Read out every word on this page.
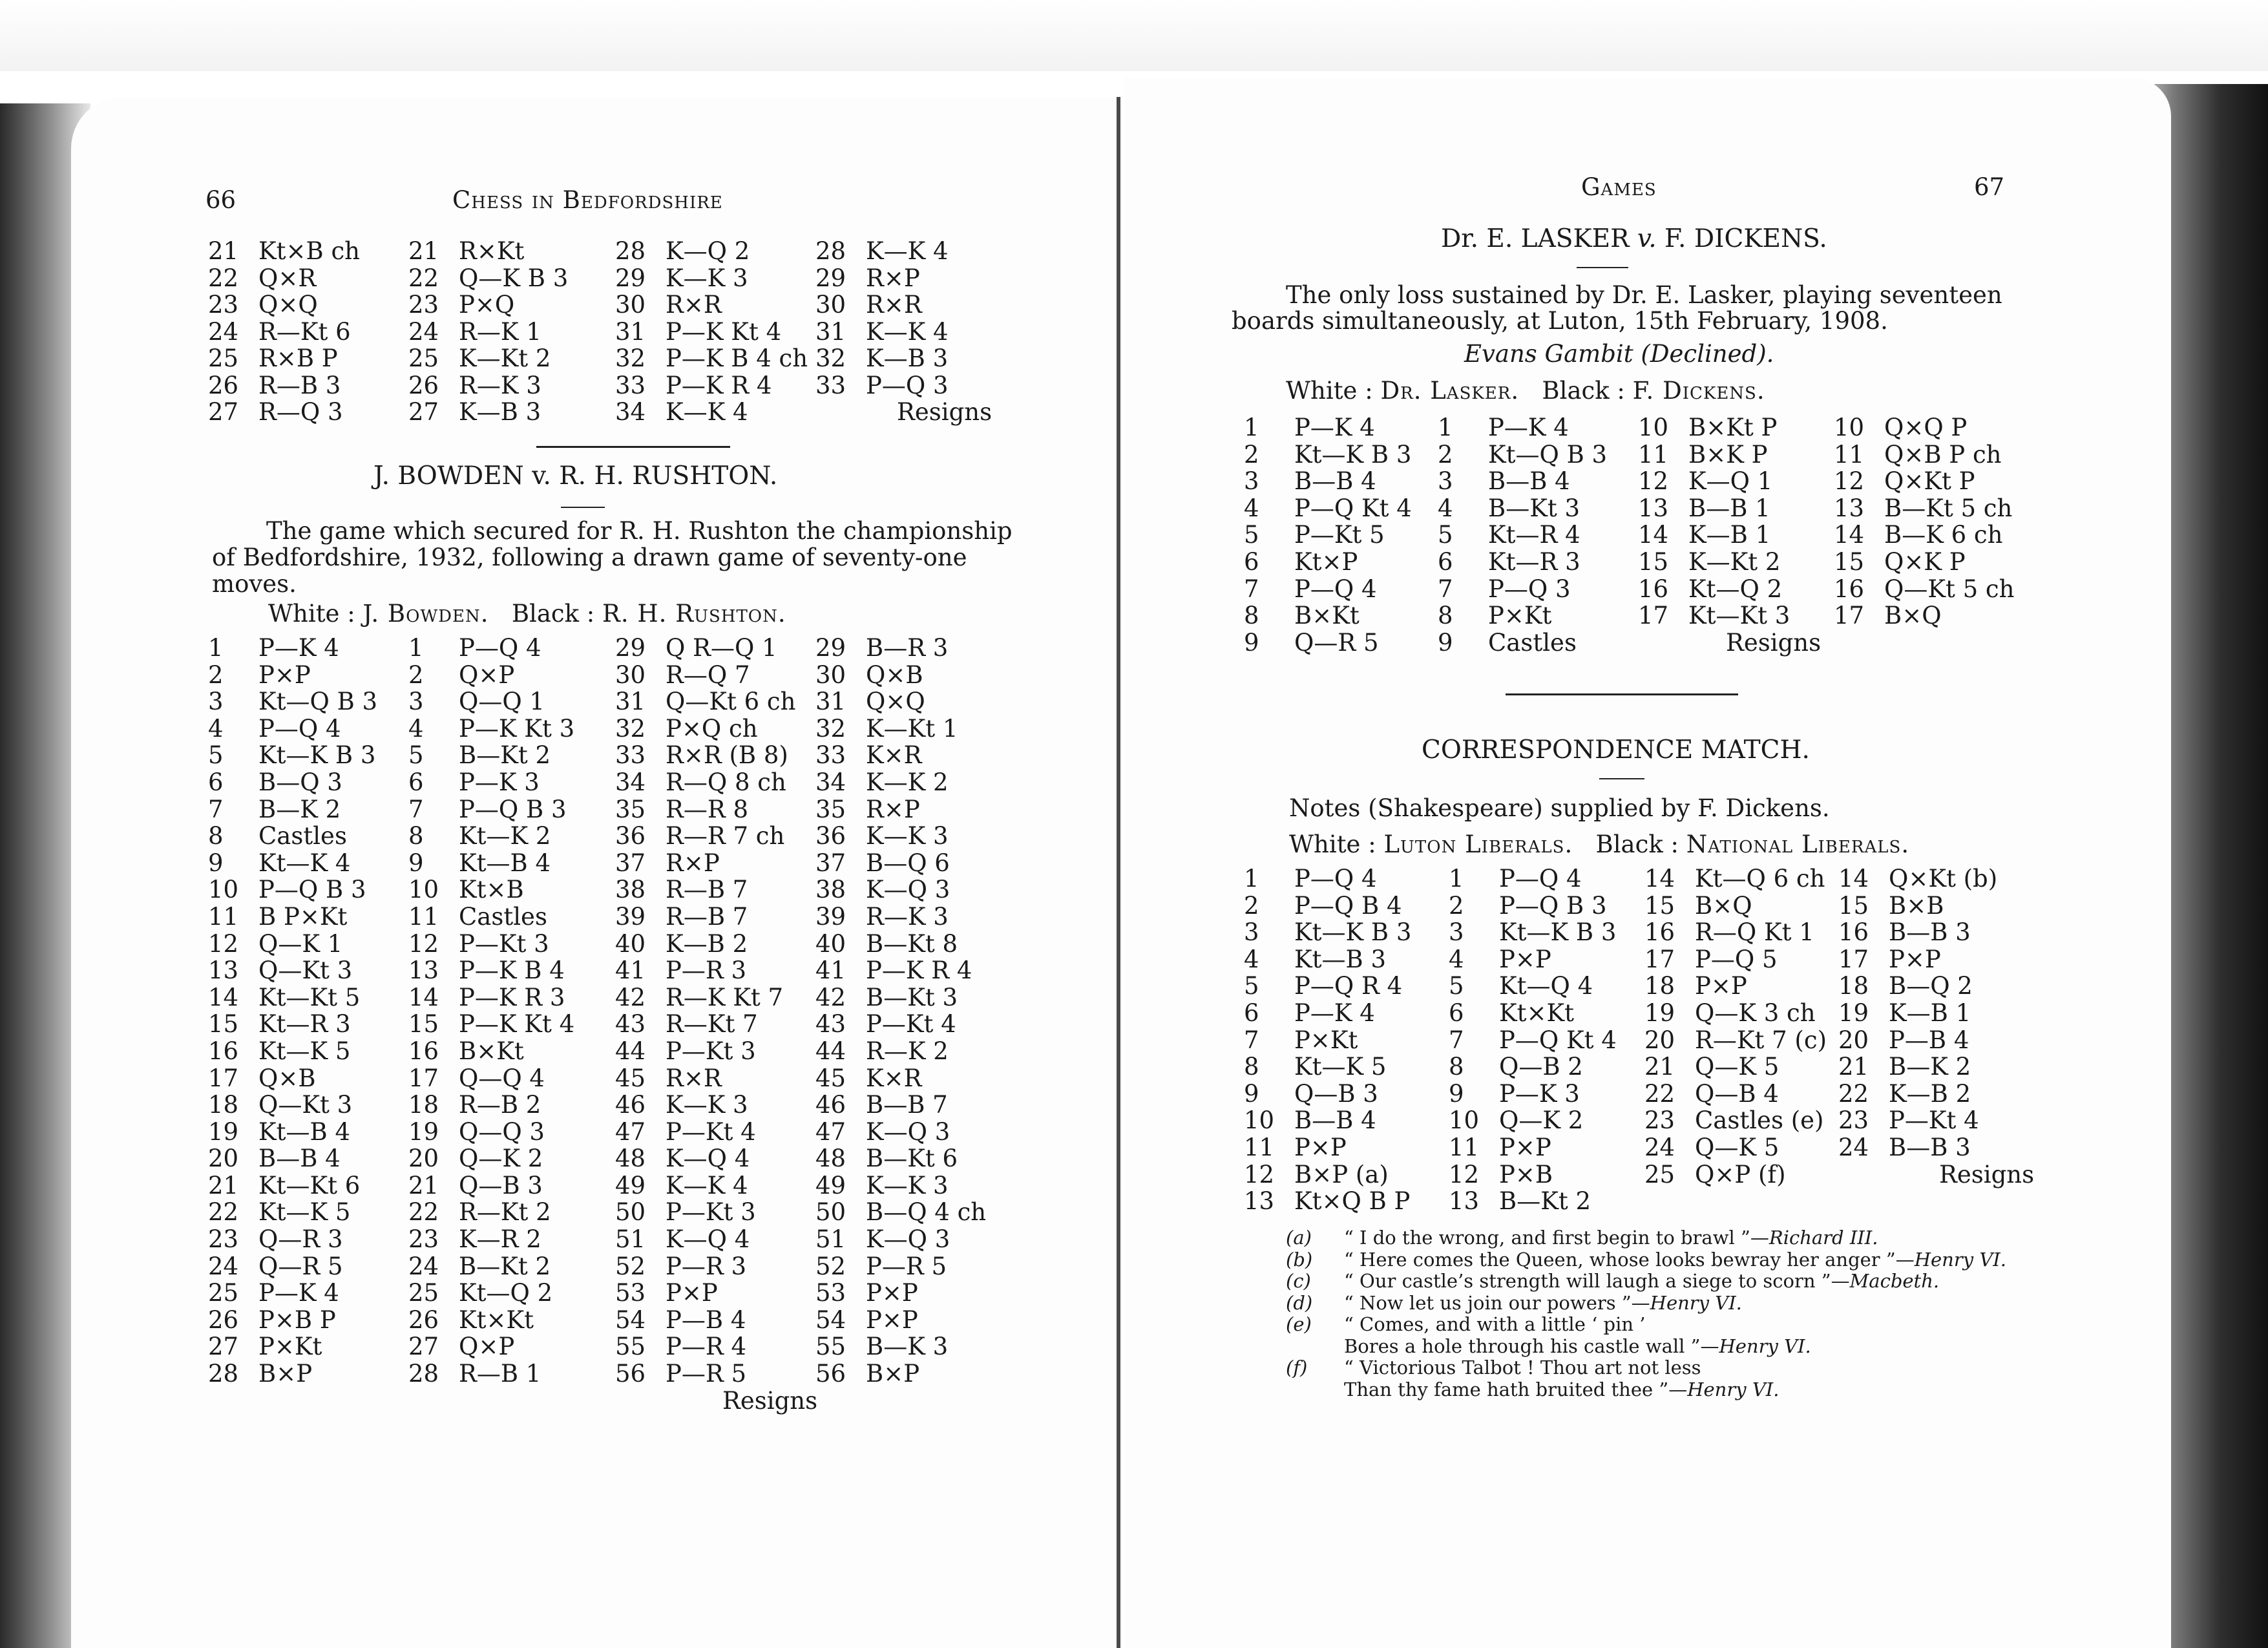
66	Chess in Bedfordshire
21 Kt×B ch
22 Q×R
23 Q×Q
24 R—Kt 6
25 R×B P
26 R—B 3
27 R—Q 3
21 R×Kt
22 Q—K B 3
23 P×Q
24 R—K 1
25 K—Kt 2
26 R—K 3
27 K—B 3
28 K—Q 2
29 K—K 3
30 R×R
31 P—K Kt 4
32 P—K B 4 ch
33 P—K R 4
34 K—K 4
28 K—K 4
29 R×P
30 R×R
31 K—K 4
32 K—B 3
33 P—Q 3
Resigns
J. BOWDEN v. R. H. RUSHTON.
The game which secured for R. H. Rushton the championship
of Bedfordshire, 1932, following a drawn game of seventy-one
moves.
White : J. Bowden. Black : R. H. Rushton.
1 P—K 4
2 P×P
3 Kt—Q B 3
4 P—Q 4
5 Kt—K B 3
6 B—Q 3
7 B—K 2
8 Castles
9 Kt—K 4
10 P—Q B 3
11 B P×Kt
12 Q—K 1
13 Q—Kt 3
14 Kt—Kt 5
15 Kt—R 3
16 Kt—K 5
17 Q×B
18 Q—Kt 3
19 Kt—B 4
20 B—B 4
21 Kt—Kt 6
22 Kt—K 5
23 Q—R 3
24 Q—R 5
25 P—K 4
26 P×B P
27 P×Kt
28 B×P
1 P—Q 4
2 Q×P
3 Q—Q 1
4 P—K Kt 3
5 B—Kt 2
6 P—K 3
7 P—Q B 3
8 Kt—K 2
9 Kt—B 4
10 Kt×B
11 Castles
12 P—Kt 3
13 P—K B 4
14 P—K R 3
15 P—K Kt 4
16 B×Kt
17 Q—Q 4
18 R—B 2
19 Q—Q 3
20 Q—K 2
21 Q—B 3
22 R—Kt 2
23 K—R 2
24 B—Kt 2
25 Kt—Q 2
26 Kt×Kt
27 Q×P
28 R—B 1
29 Q R—Q 1
30 R—Q 7
31 Q—Kt 6 ch
32 P×Q ch
33 R×R (B 8)
34 R—Q 8 ch
35 R—R 8
36 R—R 7 ch
37 R×P
38 R—B 7
39 R—B 7
40 K—B 2
41 P—R 3
42 R—K Kt 7
43 R—Kt 7
44 P—Kt 3
45 R×R
46 K—K 3
47 P—Kt 4
48 K—Q 4
49 K—K 4
50 P—Kt 3
51 K—Q 4
52 P—R 3
53 P×P
54 P—B 4
55 P—R 4
56 P—R 5
Resigns
29 B—R 3
30 Q×B
31 Q×Q
32 K—Kt 1
33 K×R
34 K—K 2
35 R×P
36 K—K 3
37 B—Q 6
38 K—Q 3
39 R—K 3
40 B—Kt 8
41 P—K R 4
42 B—Kt 3
43 P—Kt 4
44 R—K 2
45 K×R
46 B—B 7
47 K—Q 3
48 B—Kt 6
49 K—K 3
50 B—Q 4 ch
51 K—Q 3
52 P—R 5
53 P×P
54 P×P
55 B—K 3
56 B×P
Games	67
Dr. E. LASKER v. F. DICKENS.
The only loss sustained by Dr. E. Lasker, playing seventeen
boards simultaneously, at Luton, 15th February, 1908.
Evans Gambit (Declined).
White : Dr. Lasker. Black : F. Dickens.
1 P—K 4
2 Kt—K B 3
3 B—B 4
4 P—Q Kt 4
5 P—Kt 5
6 Kt×P
7 P—Q 4
8 B×Kt
9 Q—R 5
1 P—K 4
2 Kt—Q B 3
3 B—B 4
4 B—Kt 3
5 Kt—R 4
6 Kt—R 3
7 P—Q 3
8 P×Kt
9 Castles
10 B×Kt P
11 B×K P
12 K—Q 1
13 B—B 1
14 K—B 1
15 K—Kt 2
16 Kt—Q 2
17 Kt—Kt 3
Resigns
10 Q×Q P
11 Q×B P ch
12 Q×Kt P
13 B—Kt 5 ch
14 B—K 6 ch
15 Q×K P
16 Q—Kt 5 ch
17 B×Q
CORRESPONDENCE MATCH.
Notes (Shakespeare) supplied by F. Dickens.
White : Luton Liberals. Black : National Liberals.
1 P—Q 4
2 P—Q B 4
3 Kt—K B 3
4 Kt—B 3
5 P—Q R 4
6 P—K 4
7 P×Kt
8 Kt—K 5
9 Q—B 3
10 B—B 4
11 P×P
12 B×P (a)
13 Kt×Q B P
1 P—Q 4
2 P—Q B 3
3 Kt—K B 3
4 P×P
5 Kt—Q 4
6 Kt×Kt
7 P—Q Kt 4
8 Q—B 2
9 P—K 3
10 Q—K 2
11 P×P
12 P×B
13 B—Kt 2
14 Kt—Q 6 ch
15 B×Q
16 R—Q Kt 1
17 P—Q 5
18 P×P
19 Q—K 3 ch
20 R—Kt 7 (c)
21 Q—K 5
22 Q—B 4
23 Castles (e)
24 Q—K 5
25 Q×P (f)
14 Q×Kt (b)
15 B×B
16 B—B 3
17 P×P
18 B—Q 2
19 K—B 1
20 P—B 4
21 B—K 2
22 K—B 2
23 P—Kt 4
24 B—B 3
Resigns
(a) “ I do the wrong, and first begin to brawl ”—Richard III.
(b) “ Here comes the Queen, whose looks bewray her anger ”—Henry VI.
(c) “ Our castle’s strength will laugh a siege to scorn ”—Macbeth.
(d) “ Now let us join our powers ”—Henry VI.
(e) “ Comes, and with a little ‘ pin ’
Bores a hole through his castle wall ”—Henry VI.
(f) “ Victorious Talbot ! Thou art not less
Than thy fame hath bruited thee ”—Henry VI.
